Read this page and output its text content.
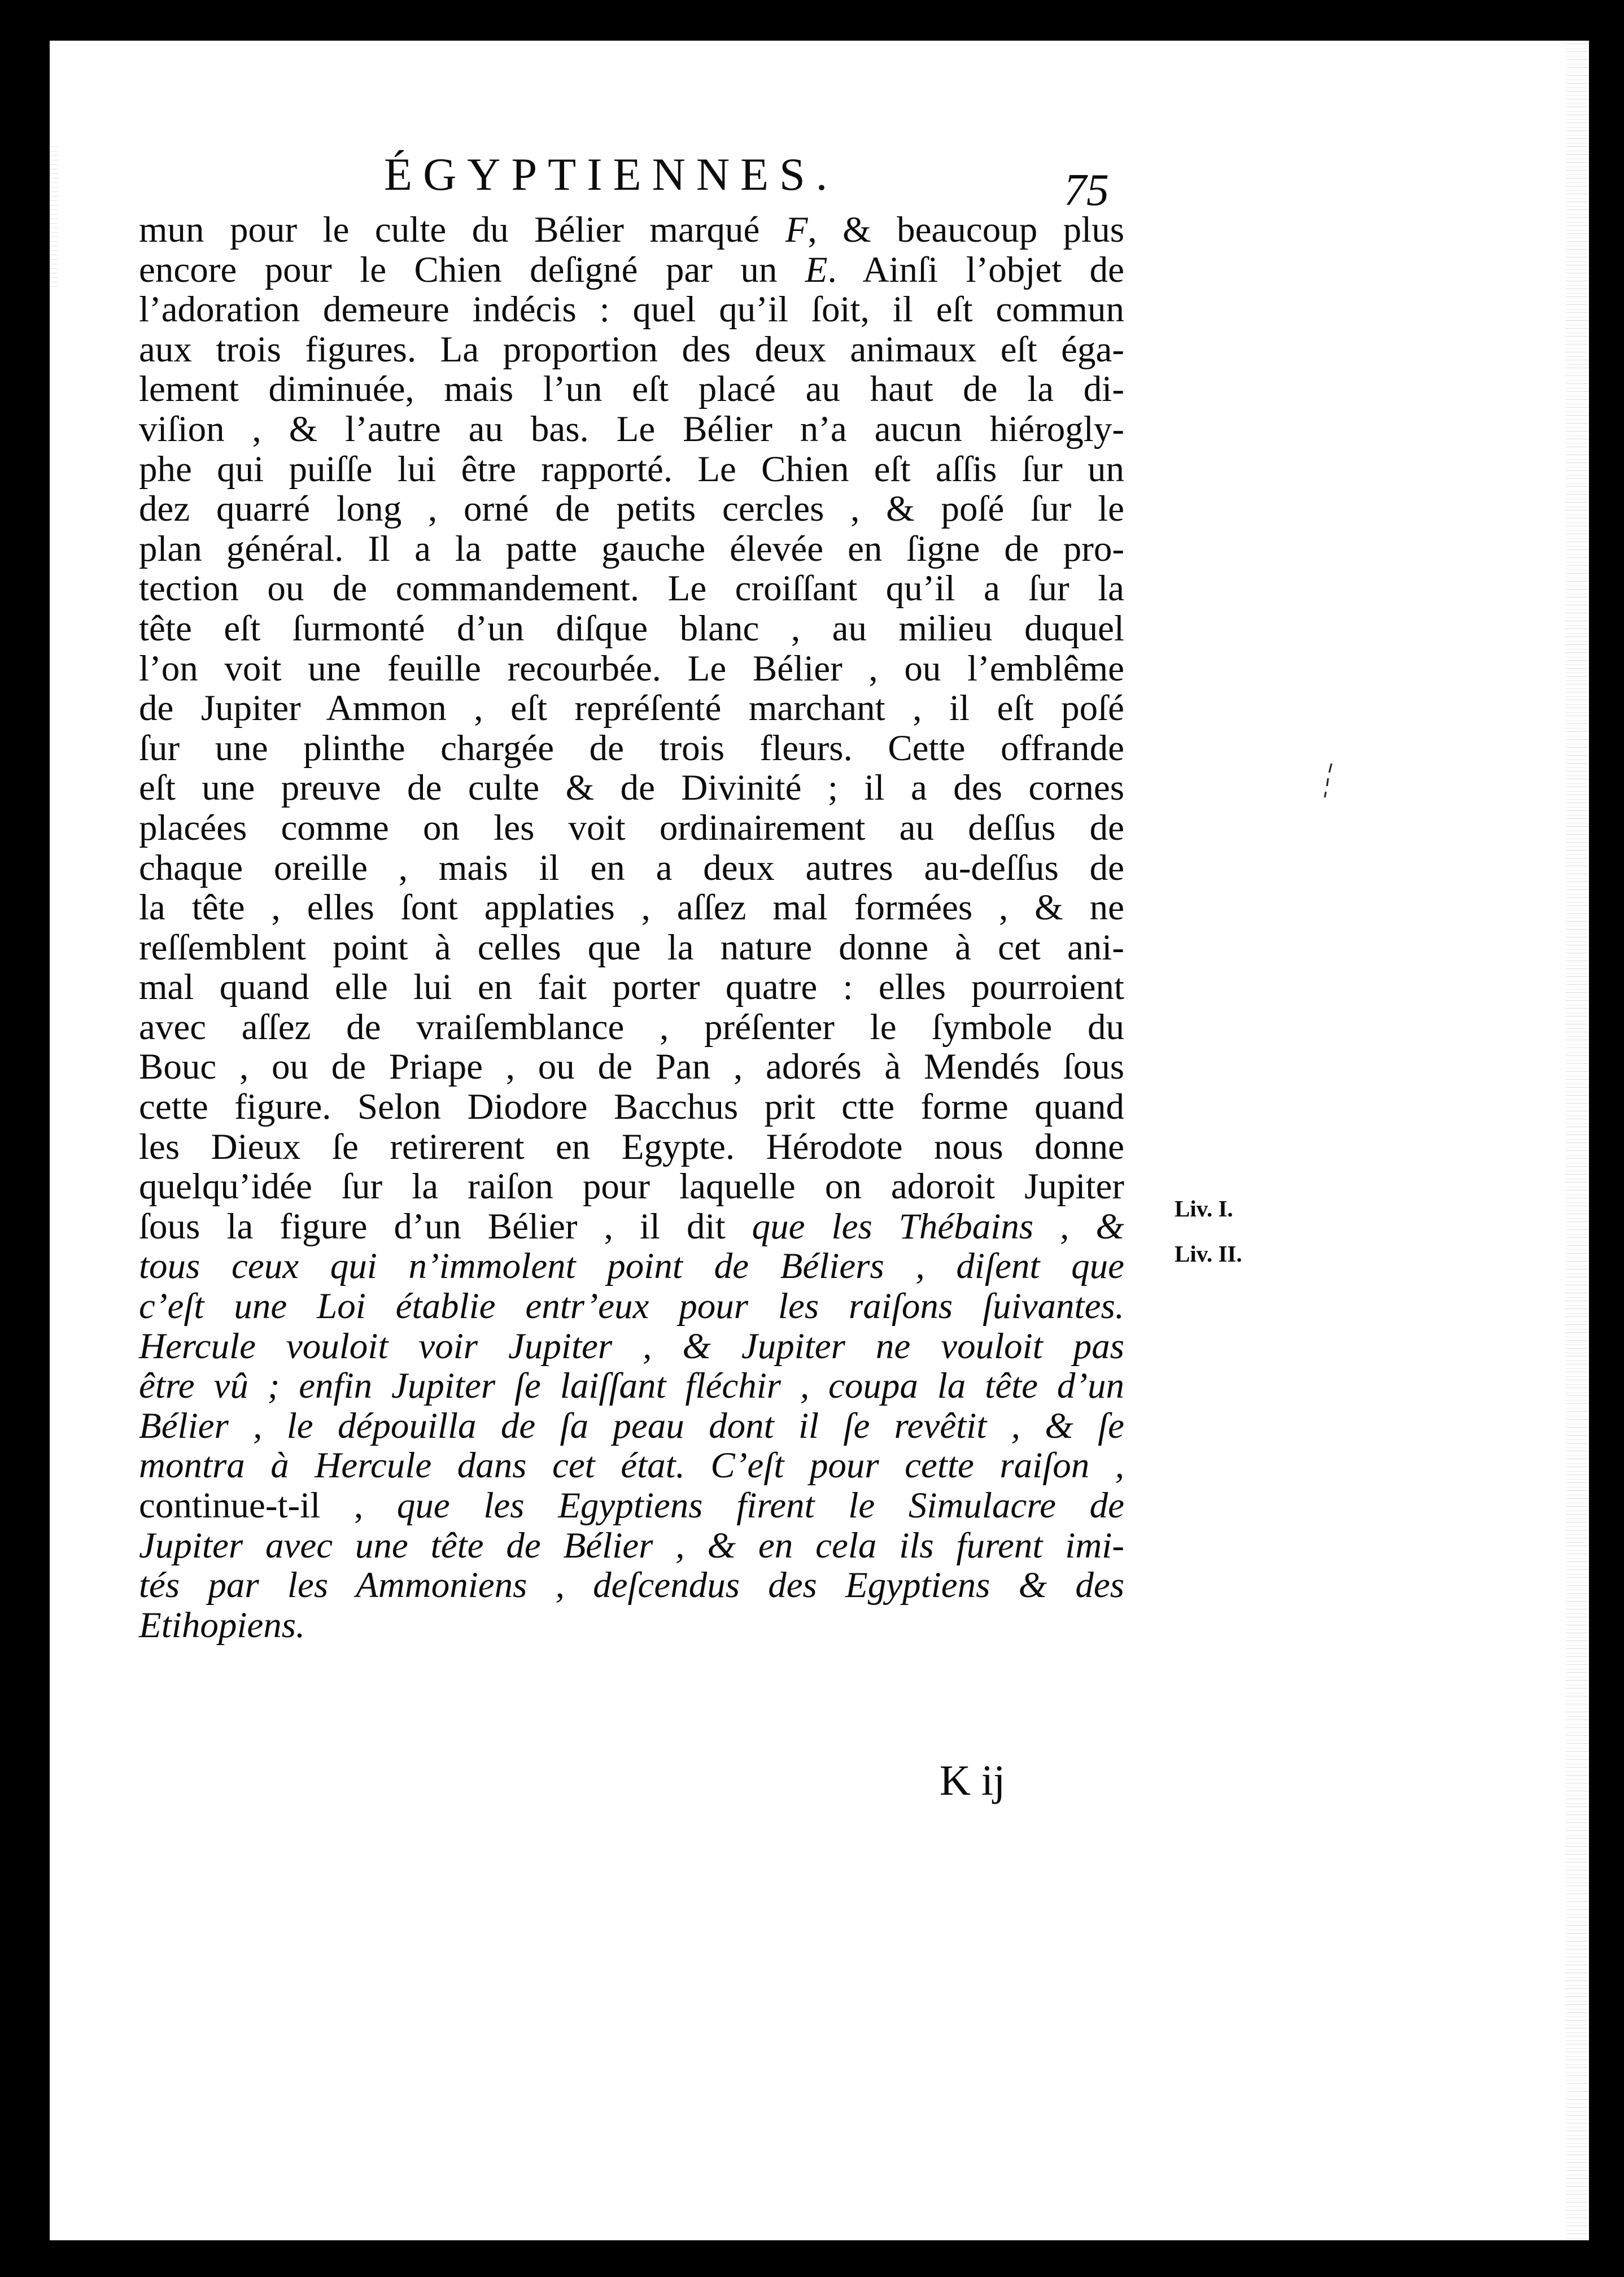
ÉGYPTIENNES.	75
mun pour le culte du Bélier marqué F, & beaucoup plus
encore pour le Chien deſigné par un E. Ainſi l’objet de
l’adoration demeure indécis : quel qu’il ſoit, il eſt commun
aux trois figures. La proportion des deux animaux eſt éga-
lement diminuée, mais l’un eſt placé au haut de la di-
viſion , & l’autre au bas. Le Bélier n’a aucun hiérogly-
phe qui puiſſe lui être rapporté. Le Chien eſt aſſis ſur un
dez quarré long , orné de petits cercles , & poſé ſur le
plan général. Il a la patte gauche élevée en ſigne de pro-
tection ou de commandement. Le croiſſant qu’il a ſur la
tête eſt ſurmonté d’un diſque blanc , au milieu duquel
l’on voit une feuille recourbée. Le Bélier , ou l’emblême
de Jupiter Ammon , eſt repréſenté marchant , il eſt poſé
ſur une plinthe chargée de trois fleurs. Cette offrande
eſt une preuve de culte & de Divinité ; il a des cornes
placées comme on les voit ordinairement au deſſus de
chaque oreille , mais il en a deux autres au-deſſus de
la tête , elles ſont applaties , aſſez mal formées , & ne
reſſemblent point à celles que la nature donne à cet ani-
mal quand elle lui en fait porter quatre : elles pourroient
avec aſſez de vraiſemblance , préſenter le ſymbole du
Bouc , ou de Priape , ou de Pan , adorés à Mendés ſous
cette figure. Selon Diodore Bacchus prit ctte forme quand
les Dieux ſe retirerent en Egypte. Hérodote nous donne
quelqu’idée ſur la raiſon pour laquelle on adoroit Jupiter
ſous la figure d’un Bélier , il dit que les Thébains , &
tous ceux qui n’immolent point de Béliers , diſent que
c’eſt une Loi établie entr’eux pour les raiſons ſuivantes.
Hercule vouloit voir Jupiter , & Jupiter ne vouloit pas
être vû ; enfin Jupiter ſe laiſſant fléchir , coupa la tête d’un
Bélier , le dépouilla de ſa peau dont il ſe revêtit , & ſe
montra à Hercule dans cet état. C’eſt pour cette raiſon ,
continue-t-il , que les Egyptiens firent le Simulacre de
Jupiter avec une tête de Bélier , & en cela ils furent imi-
tés par les Ammoniens , deſcendus des Egyptiens & des
Etihopiens.
Liv. I.
Liv. II.
K ij
